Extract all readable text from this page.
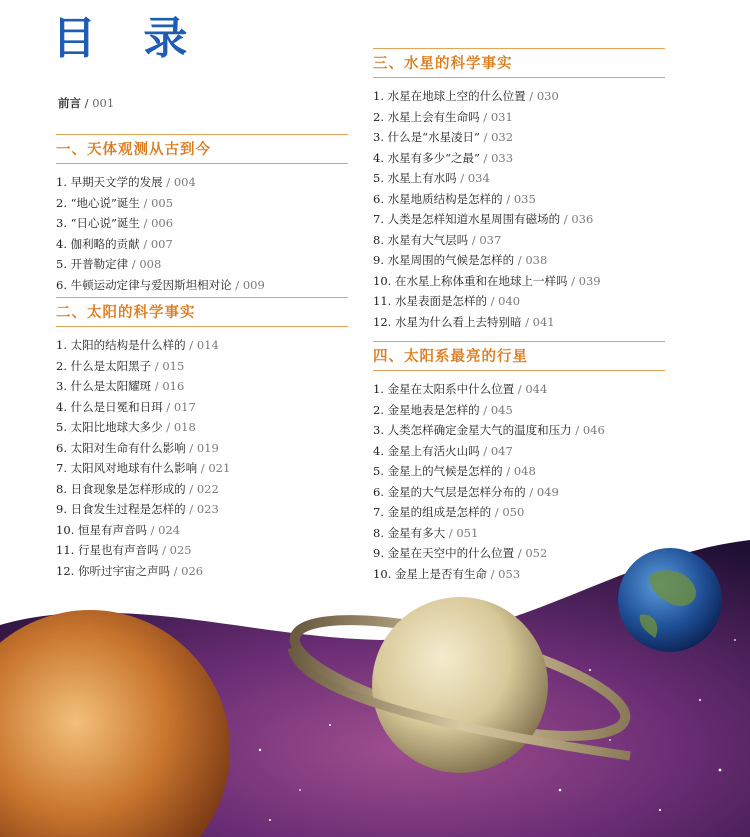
目 录
前言 / 001
一、天体观测从古到今
1. 早期天文学的发展 / 004
2. “地心说”诞生 / 005
3. “日心说”诞生 / 006
4. 伽利略的贡献 / 007
5. 开普勒定律 / 008
6. 牛顿运动定律与爱因斯坦相对论 / 009
二、太阳的科学事实
1. 太阳的结构是什么样的 / 014
2. 什么是太阳黑子 / 015
3. 什么是太阳耀斑 / 016
4. 什么是日冕和日珥 / 017
5. 太阳比地球大多少 / 018
6. 太阳对生命有什么影响 / 019
7. 太阳风对地球有什么影响 / 021
8. 日食现象是怎样形成的 / 022
9. 日食发生过程是怎样的 / 023
10. 恒星有声音吗 / 024
11. 行星也有声音吗 / 025
12. 你听过宇宙之声吗 / 026
三、水星的科学事实
1. 水星在地球上空的什么位置 / 030
2. 水星上会有生命吗 / 031
3. 什么是“水星凌日” / 032
4. 水星有多少“之最” / 033
5. 水星上有水吗 / 034
6. 水星地质结构是怎样的 / 035
7. 人类是怎样知道水星周围有磁场的 / 036
8. 水星有大气层吗 / 037
9. 水星周围的气候是怎样的 / 038
10. 在水星上称体重和在地球上一样吗 / 039
11. 水星表面是怎样的 / 040
12. 水星为什么看上去特别暗 / 041
四、太阳系最亮的行星
1. 金星在太阳系中什么位置 / 044
2. 金星地表是怎样的 / 045
3. 人类怎样确定金星大气的温度和压力 / 046
4. 金星上有活火山吗 / 047
5. 金星上的气候是怎样的 / 048
6. 金星的大气层是怎样分布的 / 049
7. 金星的组成是怎样的 / 050
8. 金星有多大 / 051
9. 金星在天空中的什么位置 / 052
10. 金星上是否有生命 / 053
